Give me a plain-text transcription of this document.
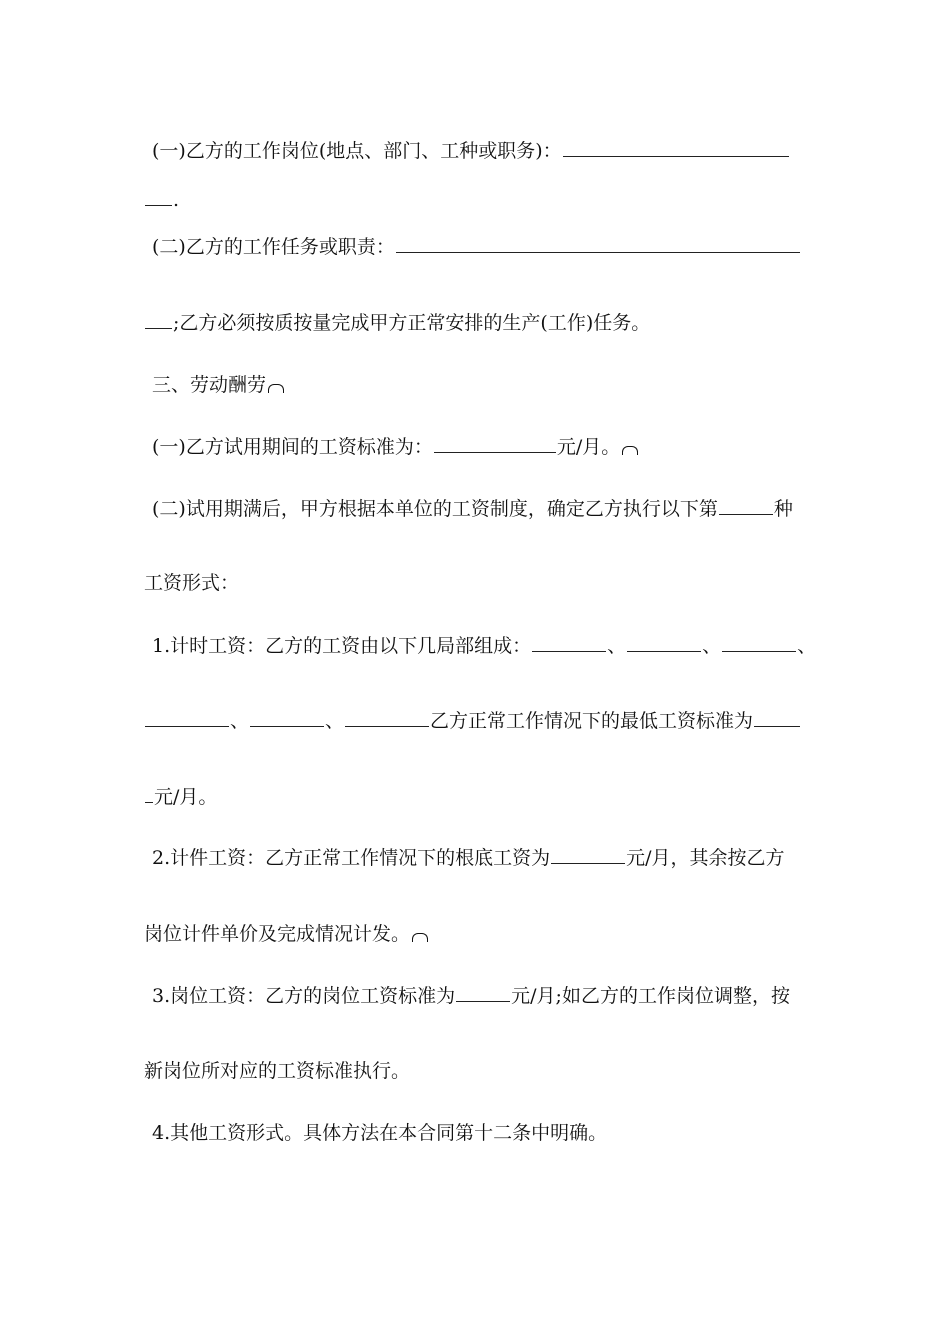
(一)乙方的工作岗位(地点、部门、工种或职务)：
.
(二)乙方的工作任务或职责：
;乙方必须按质按量完成甲方正常安排的生产(工作)任务。
三、劳动酬劳
(一)乙方试用期间的工资标准为：	元/月。
(二)试用期满后，甲方根据本单位的工资制度，确定乙方执行以下第	种
工资形式：
1.计时工资：乙方的工资由以下几局部组成：	、	、	、
、	、	乙方正常工作情况下的最低工资标准为
元/月。
2.计件工资：乙方正常工作情况下的根底工资为	元/月，其余按乙方
岗位计件单价及完成情况计发。
3.岗位工资：乙方的岗位工资标准为	元/月;如乙方的工作岗位调整，按
新岗位所对应的工资标准执行。
4.其他工资形式。具体方法在本合同第十二条中明确。
